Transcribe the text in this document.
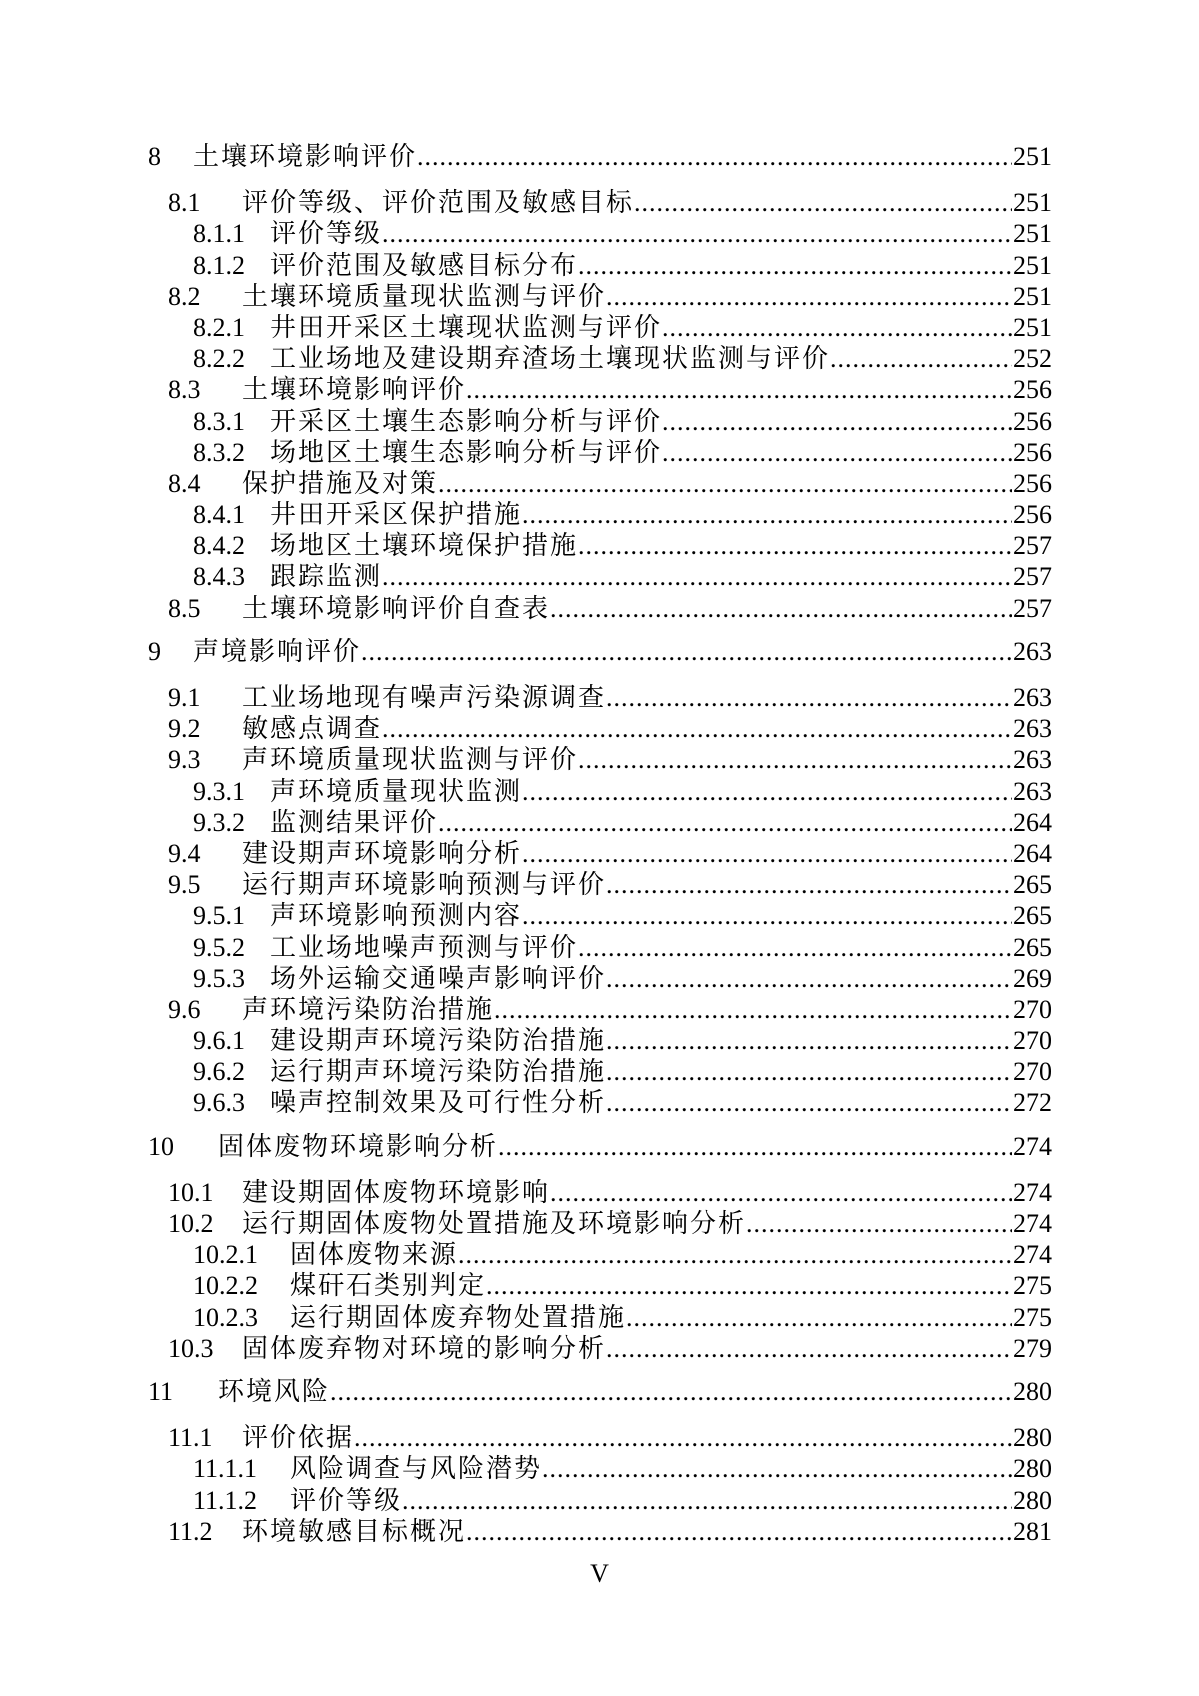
8	土壤环境影响评价 .....	251
8.1	评价等级、评价范围及敏感目标 .....	251
8.1.1 评价等级 .....	251
8.1.2 评价范围及敏感目标分布 .....	251
8.2	土壤环境质量现状监测与评价 .....	251
8.2.1 井田开采区土壤现状监测与评价 .....	251
8.2.2 工业场地及建设期弃渣场土壤现状监测与评价 .....	252
8.3	土壤环境影响评价 .....	256
8.3.1 开采区土壤生态影响分析与评价 .....	256
8.3.2 场地区土壤生态影响分析与评价 .....	256
8.4	保护措施及对策 .....	256
8.4.1 井田开采区保护措施 .....	256
8.4.2 场地区土壤环境保护措施 .....	257
8.4.3 跟踪监测 .....	257
8.5	土壤环境影响评价自查表 .....	257
9	声境影响评价 .....	263
9.1	工业场地现有噪声污染源调查 .....	263
9.2	敏感点调查 .....	263
9.3	声环境质量现状监测与评价 .....	263
9.3.1 声环境质量现状监测 .....	263
9.3.2 监测结果评价 .....	264
9.4	建设期声环境影响分析 .....	264
9.5	运行期声环境影响预测与评价 .....	265
9.5.1 声环境影响预测内容 .....	265
9.5.2 工业场地噪声预测与评价 .....	265
9.5.3 场外运输交通噪声影响评价 .....	269
9.6	声环境污染防治措施 .....	270
9.6.1 建设期声环境污染防治措施 .....	270
9.6.2 运行期声环境污染防治措施 .....	270
9.6.3 噪声控制效果及可行性分析 .....	272
10	固体废物环境影响分析 .....	274
10.1	建设期固体废物环境影响 .....	274
10.2	运行期固体废物处置措施及环境影响分析 .....	274
10.2.1	固体废物来源 .....	274
10.2.2	煤矸石类别判定 .....	275
10.2.3	运行期固体废弃物处置措施 .....	275
10.3	固体废弃物对环境的影响分析 .....	279
11	环境风险 .....	280
11.1	评价依据 .....	280
11.1.1	风险调查与风险潜势 .....	280
11.1.2	评价等级 .....	280
11.2	环境敏感目标概况 .....	281
V
